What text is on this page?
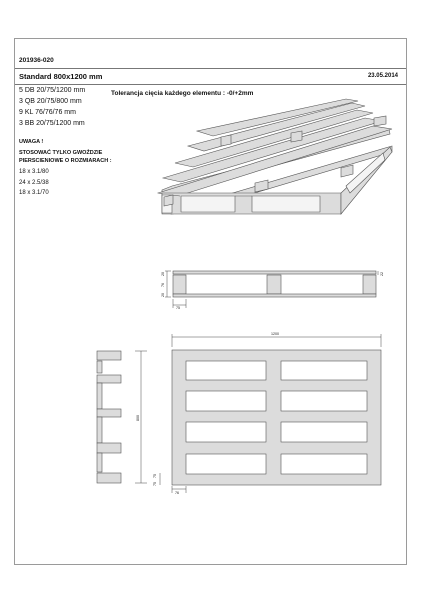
201936-020
Standard 800x1200 mm	23.05.2014
5 DB 20/75/1200 mm
3 QB 20/75/800 mm
9 KL 76/76/76 mm
3 BB 20/75/1200 mm
Tolerancja cięcia każdego elementu : -0/+2mm
UWAGA !
STOSOWAĆ TYLKO GWOŹDZIE
PIERSCIENIOWE O ROZMIARACH :
18 x 3.1/80
24 x 2.5/38
18 x 3.1/70
20
76
20
22
75
1200
800
75
75
76
